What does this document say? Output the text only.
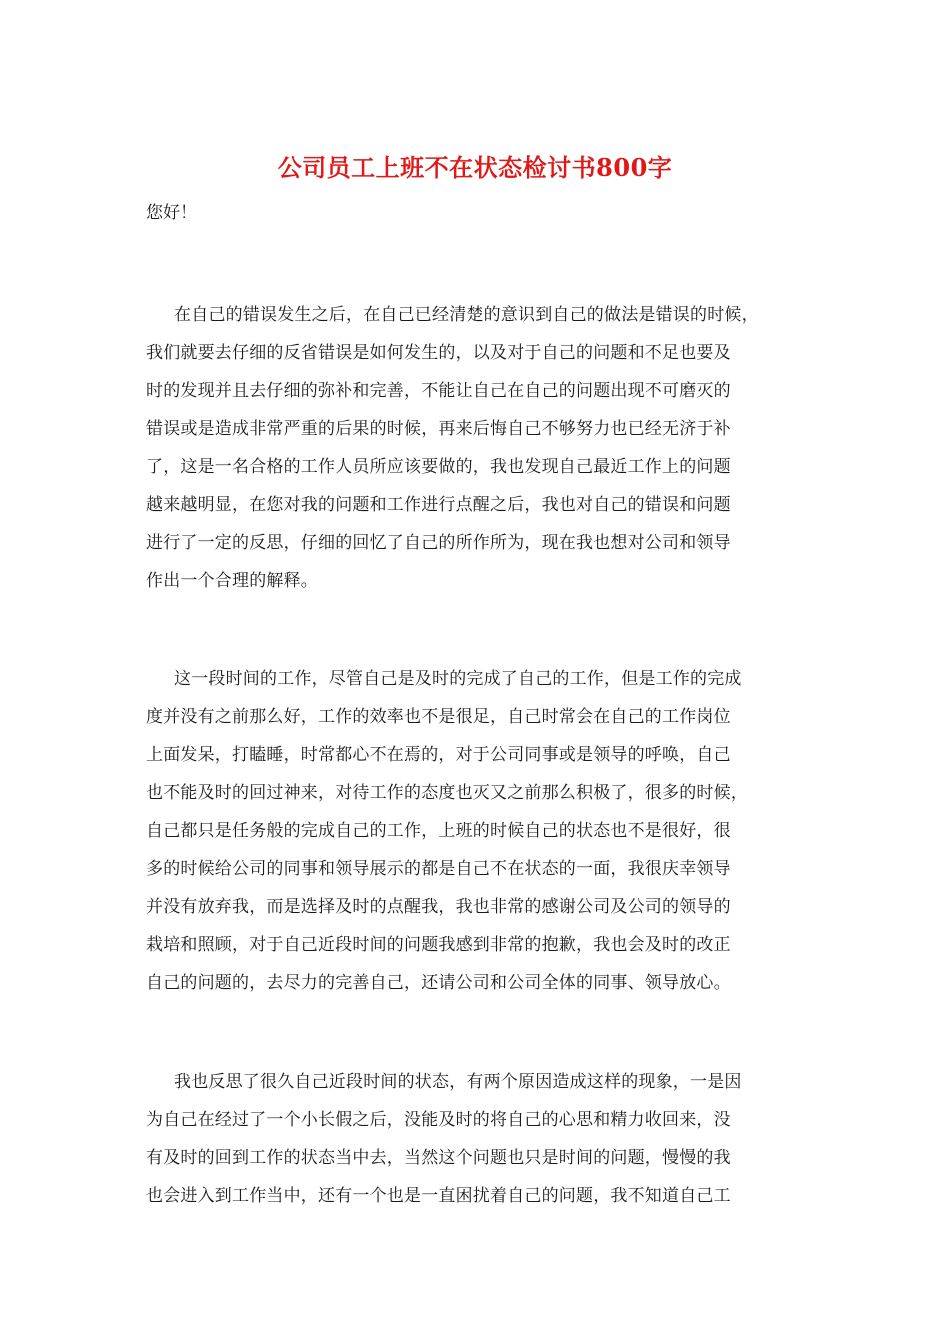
公司员工上班不在状态检讨书800字
您好！
在自己的错误发生之后，在自己已经清楚的意识到自己的做法是错误的时候，
我们就要去仔细的反省错误是如何发生的，以及对于自己的问题和不足也要及
时的发现并且去仔细的弥补和完善，不能让自己在自己的问题出现不可磨灭的
错误或是造成非常严重的后果的时候，再来后悔自己不够努力也已经无济于补
了，这是一名合格的工作人员所应该要做的，我也发现自己最近工作上的问题
越来越明显，在您对我的问题和工作进行点醒之后，我也对自己的错误和问题
进行了一定的反思，仔细的回忆了自己的所作所为，现在我也想对公司和领导
作出一个合理的解释。
这一段时间的工作，尽管自己是及时的完成了自己的工作，但是工作的完成
度并没有之前那么好，工作的效率也不是很足，自己时常会在自己的工作岗位
上面发呆，打瞌睡，时常都心不在焉的，对于公司同事或是领导的呼唤，自己
也不能及时的回过神来，对待工作的态度也灭又之前那么积极了，很多的时候，
自己都只是任务般的完成自己的工作，上班的时候自己的状态也不是很好，很
多的时候给公司的同事和领导展示的都是自己不在状态的一面，我很庆幸领导
并没有放弃我，而是选择及时的点醒我，我也非常的感谢公司及公司的领导的
栽培和照顾，对于自己近段时间的问题我感到非常的抱歉，我也会及时的改正
自己的问题的，去尽力的完善自己，还请公司和公司全体的同事、领导放心。
我也反思了很久自己近段时间的状态，有两个原因造成这样的现象，一是因
为自己在经过了一个小长假之后，没能及时的将自己的心思和精力收回来，没
有及时的回到工作的状态当中去，当然这个问题也只是时间的问题，慢慢的我
也会进入到工作当中，还有一个也是一直困扰着自己的问题，我不知道自己工
